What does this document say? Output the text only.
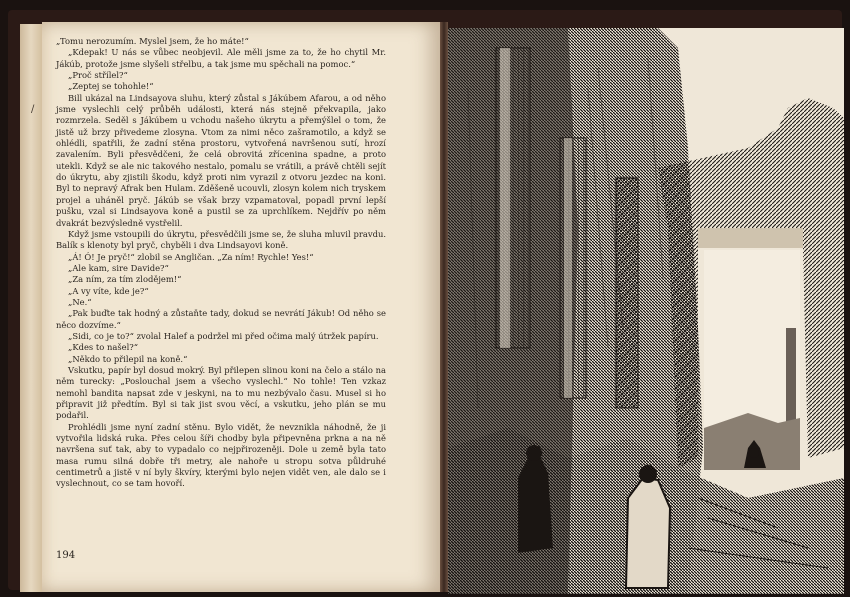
/

„Tomu nerozumím. Myslel jsem, že ho máte!“

„Kdepak! U nás se vůbec neobjevil. Ale měli jsme za to, že ho chytil Mr. Jákúb, protože jsme slyšeli střelbu, a tak jsme mu spěchali na pomoc.“

„Proč střílel?“

„Zeptej se tohohle!“

Bill ukázal na Lindsayova sluhu, který zůstal s Jákúbem Afarou, a od něho jsme vyslechli celý průběh události, která nás stejně překvapila, jako rozmrzela. Seděl s Jákúbem u vchodu našeho úkrytu a přemýšlel o tom, že jistě už brzy přivedeme zlosyna. Vtom za nimi něco zašramotilo, a když se ohlédli, spatřili, že zadní stěna prostoru, vytvořená navršenou sutí, hrozí zavalením. Byli přesvědčeni, že celá obrovitá zřícenina spadne, a proto utekli. Když se ale nic takového nestalo, pomalu se vrátili, a právě chtěli sejít do úkrytu, aby zjistili škodu, když proti nim vyrazil z otvoru jezdec na koni. Byl to nepravý Afrak ben Hulam. Zděšeně ucouvli, zlosyn kolem nich tryskem projel a uháněl pryč. Jákúb se však brzy vzpamatoval, popadl první lepší pušku, vzal si Lindsayova koně a pustil se za uprchlíkem. Nejdřív po něm dvakrát bezvýsledně vystřelil.

Když jsme vstoupili do úkrytu, přesvědčili jsme se, že sluha mluvil pravdu. Balík s klenoty byl pryč, chyběli i dva Lindsayovi koně.

„Á! Ó! Je pryč!“ zlobil se Angličan. „Za ním! Rychle! Yes!“

„Ale kam, sire Davide?“

„Za ním, za tím zlodějem!“

„A vy víte, kde je?“

„Ne.“

„Pak buďte tak hodný a zůstaňte tady, dokud se nevrátí Jákub! Od něho se něco dozvíme.“

„Sidi, co je to?“ zvolal Halef a podržel mi před očima malý útržek papíru.

„Kdes to našel?“

„Někdo to přilepil na koně.“

Vskutku, papír byl dosud mokrý. Byl přilepen slinou koni na čelo a stálo na něm turecky: „Poslouchal jsem a všecho vyslechl.“ No tohle! Ten vzkaz nemohl bandita napsat zde v jeskyni, na to mu nezbývalo času. Musel si ho připravit již předtím. Byl si tak jist svou věcí, a vskutku, jeho plán se mu podařil.

Prohlédli jsme nyní zadní stěnu. Bylo vidět, že nevznikla náhodně, že ji vytvořila lidská ruka. Přes celou šíři chodby byla připevněna prkna a na ně navršena suť tak, aby to vypadalo co nejpřirozeněji. Dole u země byla tato masa rumu silná dobře tři metry, ale nahoře u stropu sotva půldruhé centimetrů a jistě v ní byly škvíry, kterými bylo nejen vidět ven, ale dalo se i vyslechnout, co se tam hovoří.

194
